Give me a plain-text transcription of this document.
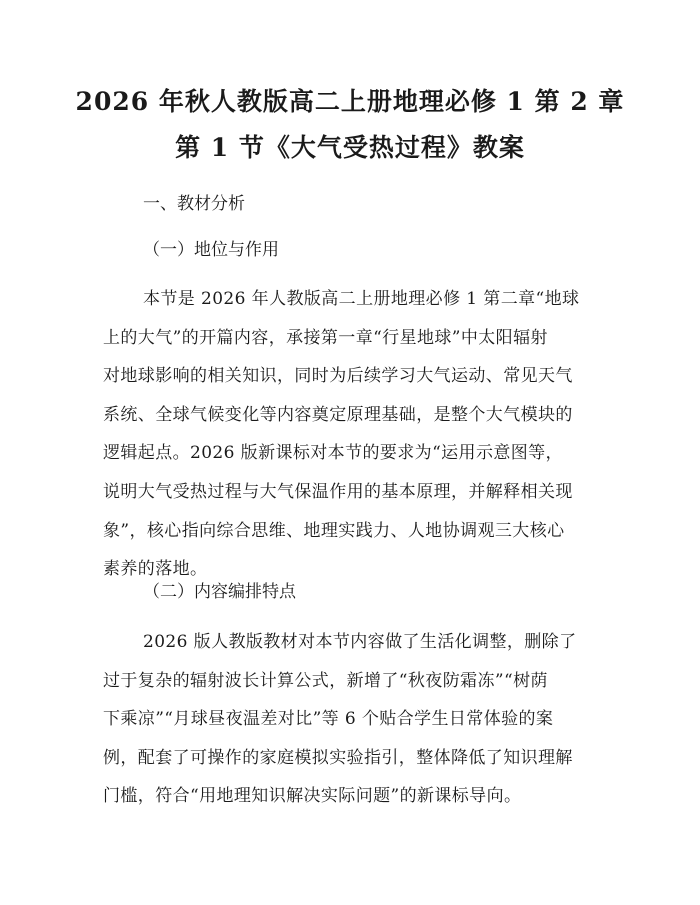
2026 年秋人教版高二上册地理必修 1 第 2 章
第 1 节《大气受热过程》教案
一、教材分析
（一）地位与作用
本节是 2026 年人教版高二上册地理必修 1 第二章“地球
上的大气”的开篇内容，承接第一章“行星地球”中太阳辐射
对地球影响的相关知识，同时为后续学习大气运动、常见天气
系统、全球气候变化等内容奠定原理基础，是整个大气模块的
逻辑起点。2026 版新课标对本节的要求为“运用示意图等，
说明大气受热过程与大气保温作用的基本原理，并解释相关现
象”，核心指向综合思维、地理实践力、人地协调观三大核心
素养的落地。
（二）内容编排特点
2026 版人教版教材对本节内容做了生活化调整，删除了
过于复杂的辐射波长计算公式，新增了“秋夜防霜冻”“树荫
下乘凉”“月球昼夜温差对比”等 6 个贴合学生日常体验的案
例，配套了可操作的家庭模拟实验指引，整体降低了知识理解
门槛，符合“用地理知识解决实际问题”的新课标导向。
